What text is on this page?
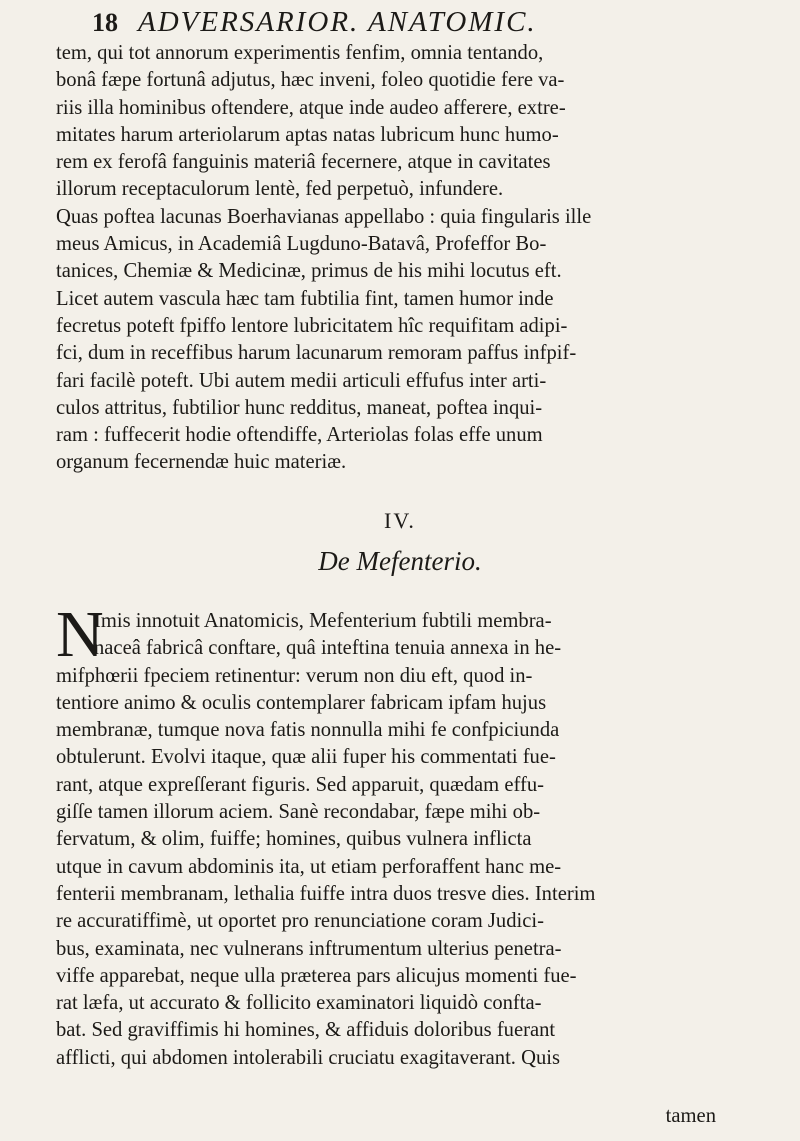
18 ADVERSARIOR. ANATOMIC.
tem, qui tot annorum experimentis fenfim, omnia tentando,
bonâ fæpe fortunâ adjutus, hæc inveni, foleo quotidie fere va-
riis illa hominibus oftendere, atque inde audeo afferere, extre-
mitates harum arteriolarum aptas natas lubricum hunc humo-
rem ex ferofâ fanguinis materiâ fecernere, atque in cavitates
illorum receptaculorum lentè, fed perpetuò, infundere.
Quas poftea lacunas Boerhavianas appellabo : quia fingularis ille
meus Amicus, in Academiâ Lugduno-Batavâ, Profeffor Bo-
tanices, Chemiæ & Medicinæ, primus de his mihi locutus eft.
Licet autem vascula hæc tam fubtilia fint, tamen humor inde
fecretus poteft fpiffo lentore lubricitatem hîc requifitam adipi-
fci, dum in receffibus harum lacunarum remoram paffus infpif-
fari facilè poteft. Ubi autem medii articuli effufus inter arti-
culos attritus, fubtilior hunc redditus, maneat, poftea inqui-
ram : fuffecerit hodie oftendiffe, Arteriolas folas effe unum
organum fecernendæ huic materiæ.
IV.
De Mefenterio.
N
Imis innotuit Anatomicis, Mefenterium fubtili membra-
naceâ fabricâ conftare, quâ inteftina tenuia annexa in he-
mifphœrii fpeciem retinentur: verum non diu eft, quod in-
tentiore animo & oculis contemplarer fabricam ipfam hujus
membranæ, tumque nova fatis nonnulla mihi fe confpiciunda
obtulerunt. Evolvi itaque, quæ alii fuper his commentati fue-
rant, atque expreſſerant figuris. Sed apparuit, quædam effu-
giſſe tamen illorum aciem. Sanè recondabar, fæpe mihi ob-
fervatum, & olim, fuiffe; homines, quibus vulnera inflicta
utque in cavum abdominis ita, ut etiam perforaffent hanc me-
fenterii membranam, lethalia fuiffe intra duos tresve dies. Interim
re accuratiffimè, ut oportet pro renunciatione coram Judici-
bus, examinata, nec vulnerans inftrumentum ulterius penetra-
viffe apparebat, neque ulla præterea pars alicujus momenti fue-
rat læfa, ut accurato & follicito examinatori liquidò confta-
bat. Sed graviffimis hi homines, & affiduis doloribus fuerant
afflicti, qui abdomen intolerabili cruciatu exagitaverant. Quis
tamen
